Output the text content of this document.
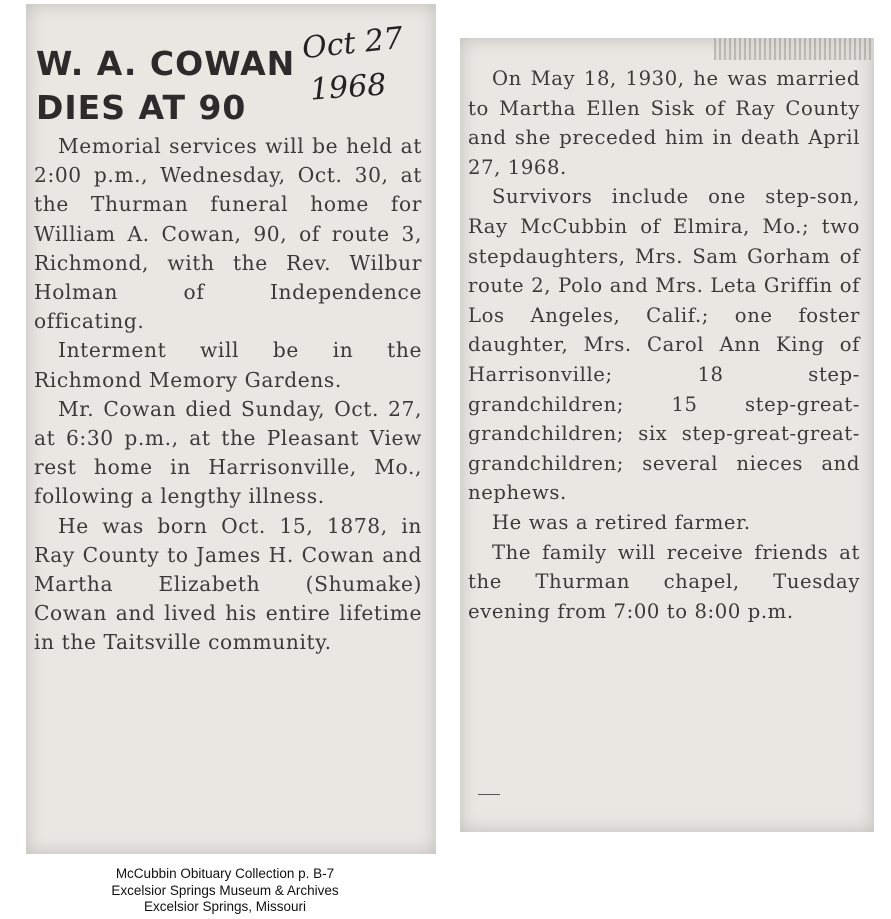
W. A. COWAN
DIES AT 90
Oct 27
1968

Memorial services will be held at 2:00 p.m., Wednesday, Oct. 30, at the Thurman funeral home for William A. Cowan, 90, of route 3, Richmond, with the Rev. Wilbur Holman of Independence officating.

Interment will be in the Richmond Memory Gardens.

Mr. Cowan died Sunday, Oct. 27, at 6:30 p.m., at the Pleasant View rest home in Harrisonville, Mo., following a lengthy illness.

He was born Oct. 15, 1878, in Ray County to James H. Cowan and Martha Elizabeth (Shumake) Cowan and lived his entire lifetime in the Taitsville community.

On May 18, 1930, he was married to Martha Ellen Sisk of Ray County and she preceded him in death April 27, 1968.

Survivors include one step-son, Ray McCubbin of Elmira, Mo.; two stepdaughters, Mrs. Sam Gorham of route 2, Polo and Mrs. Leta Griffin of Los Angeles, Calif.; one foster daughter, Mrs. Carol Ann King of Harrisonville; 18 step-grandchildren; 15 step-great-grandchildren; six step-great-great-grandchildren; several nieces and nephews.

He was a retired farmer.

The family will receive friends at the Thurman chapel, Tuesday evening from 7:00 to 8:00 p.m.

McCubbin Obituary Collection p. B-7
Excelsior Springs Museum & Archives
Excelsior Springs, Missouri
